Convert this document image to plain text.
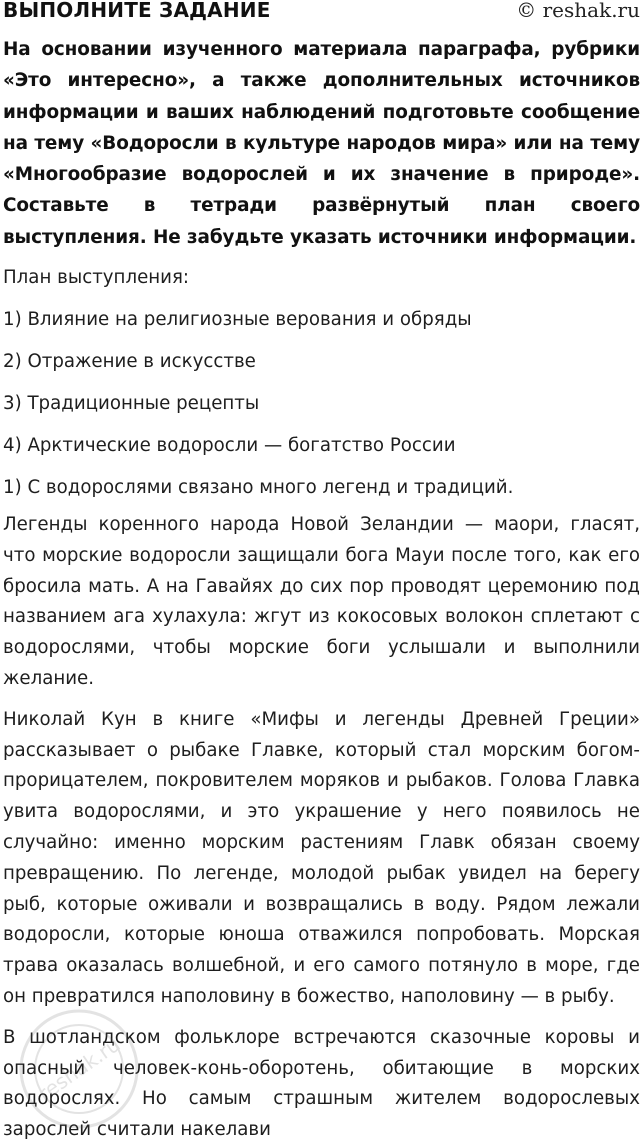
ВЫПОЛНИТЕ ЗАДАНИЕ	© reshak.ru

На основании изученного материала параграфа, рубрики «Это интересно», а также дополнительных источников информации и ваших наблюдений подготовьте сообщение на тему «Водоросли в культуре народов мира» или на тему «Многообразие водорослей и их значение в природе». Составьте в тетради развёрнутый план своего выступления. Не забудьте указать источники информации.

План выступления:

1) Влияние на религиозные верования и обряды

2) Отражение в искусстве

3) Традиционные рецепты

4) Арктические водоросли — богатство России

1) С водорослями связано много легенд и традиций.

Легенды коренного народа Новой Зеландии — маори, гласят, что морские водоросли защищали бога Мауи после того, как его бросила мать. А на Гавайях до сих пор проводят церемонию под названием ага хулахула: жгут из кокосовых волокон сплетают с водорослями, чтобы морские боги услышали и выполнили желание.

Николай Кун в книге «Мифы и легенды Древней Греции» рассказывает о рыбаке Главке, который стал морским богом-прорицателем, покровителем моряков и рыбаков. Голова Главка увита водорослями, и это украшение у него появилось не случайно: именно морским растениям Главк обязан своему превращению. По легенде, молодой рыбак увидел на берегу рыб, которые оживали и возвращались в воду. Рядом лежали водоросли, которые юноша отважился попробовать. Морская трава оказалась волшебной, и его самого потянуло в море, где он превратился наполовину в божество, наполовину — в рыбу.

В шотландском фольклоре встречаются сказочные коровы и опасный человек-конь-оборотень, обитающие в морских водорослях. Но самым страшным жителем водорослевых зарослей считали накелави

reshak.ru
